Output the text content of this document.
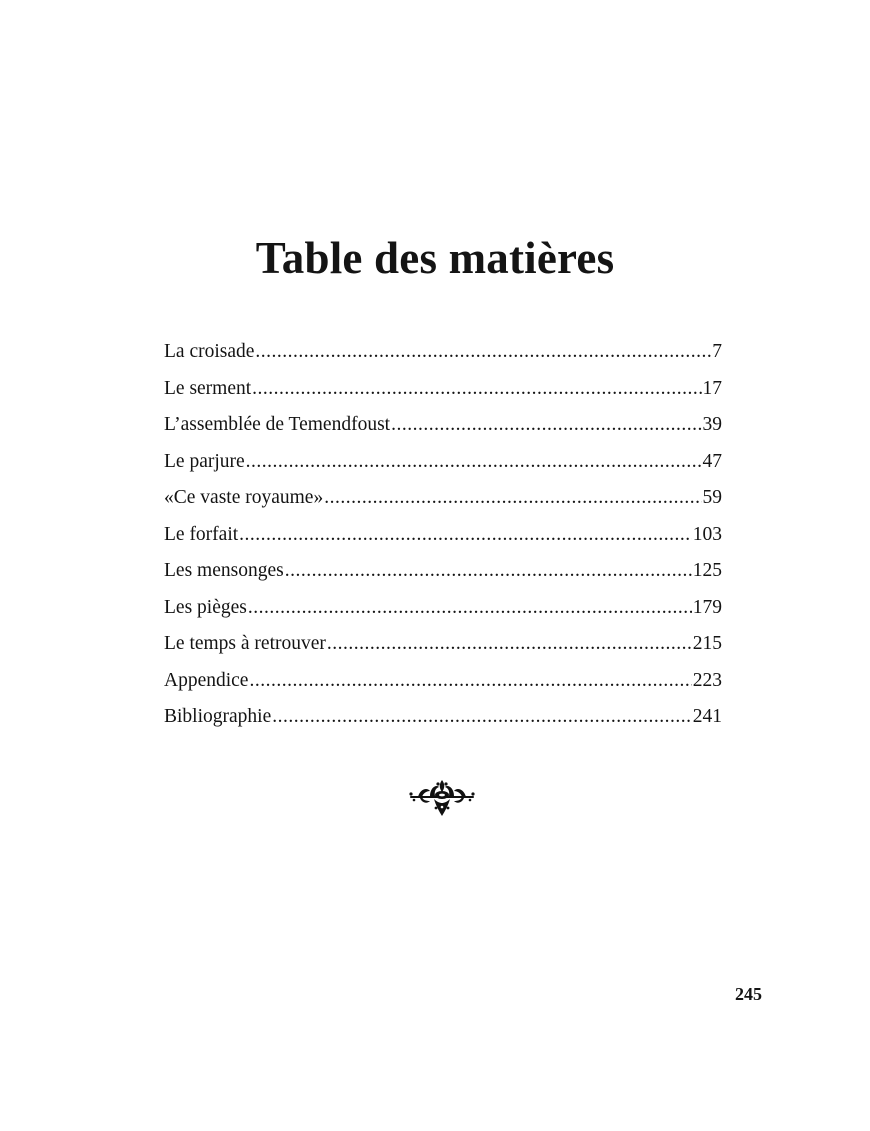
Table des matières
La croisade .....	7
Le serment .....	17
L’assemblée de Temendfoust .....	39
Le parjure .....	47
«Ce vaste royaume» .....	59
Le forfait .....	103
Les mensonges .....	125
Les pièges .....	179
Le temps à retrouver .....	215
Appendice .....	223
Bibliographie .....	241
245
